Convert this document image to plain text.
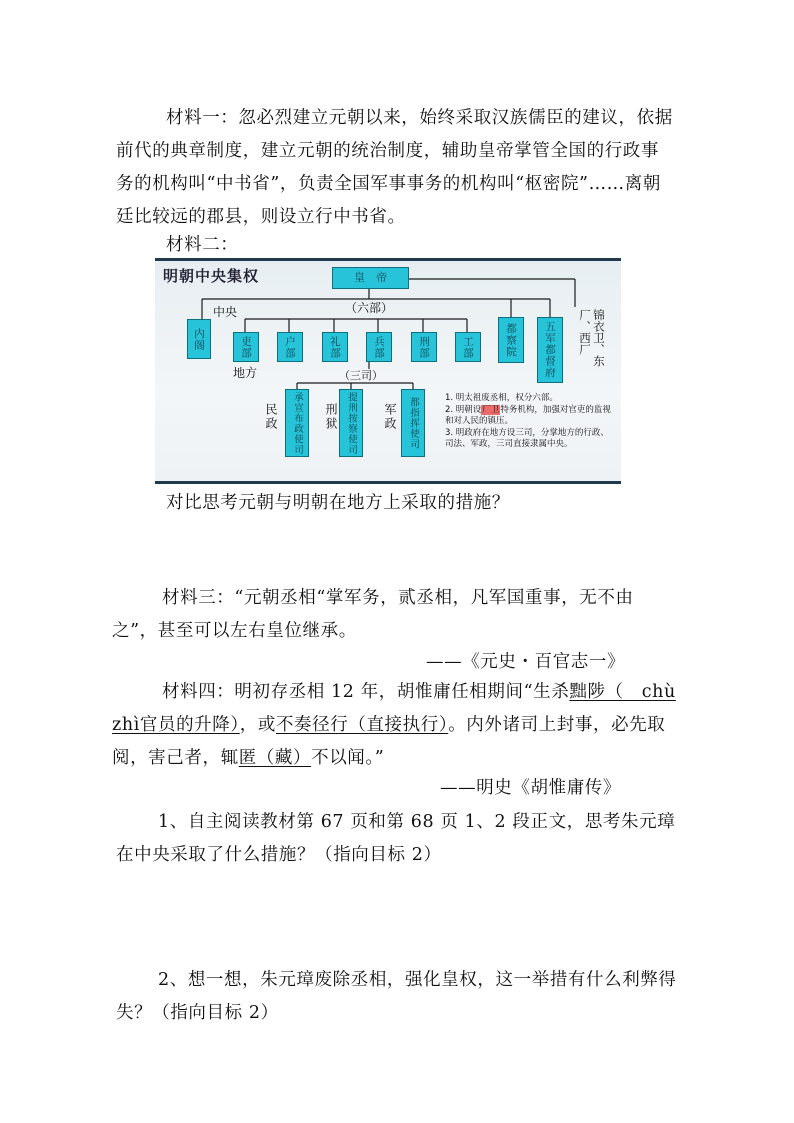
材料一：忽必烈建立元朝以来，始终采取汉族儒臣的建议，依据前代的典章制度，建立元朝的统治制度，辅助皇帝掌管全国的行政事务的机构叫“中书省”，负责全国军事事务的机构叫“枢密院”……离朝廷比较远的郡县，则设立行中书省。
材料二：
明朝中央集权	皇　帝
中央	（六部）
内阁	吏部	户部	礼部	兵部	刑部	工部	都察院	五军都督府	锦衣卫、东厂、西厂
地方	（三司）
民政	刑狱	军政
承宣布政使司	提刑按察使司	都指挥使司	1. 明太祖废丞相，权分六部。
2. 明朝设厂卫特务机构，加强对官吏的监视和对人民的镇压。
3. 明政府在地方设三司，分掌地方的行政、司法、军政，三司直接隶属中央。
对比思考元朝与明朝在地方上采取的措施？
材料三：“元朝丞相“掌军务，贰丞相，凡军国重事，无不由之”，甚至可以左右皇位继承。
——《元史・百官志一》
材料四：明初存丞相 12 年，胡惟庸任相期间“生杀黜陟（　chù zhì官员的升降），或不奏径行（直接执行）。内外诸司上封事，必先取阅，害己者，辄匿（藏）不以闻。”
——明史《胡惟庸传》
1、自主阅读教材第 67 页和第 68 页 1、2 段正文，思考朱元璋在中央采取了什么措施？（指向目标 2）
2、想一想，朱元璋废除丞相，强化皇权，这一举措有什么利弊得失？（指向目标 2）
